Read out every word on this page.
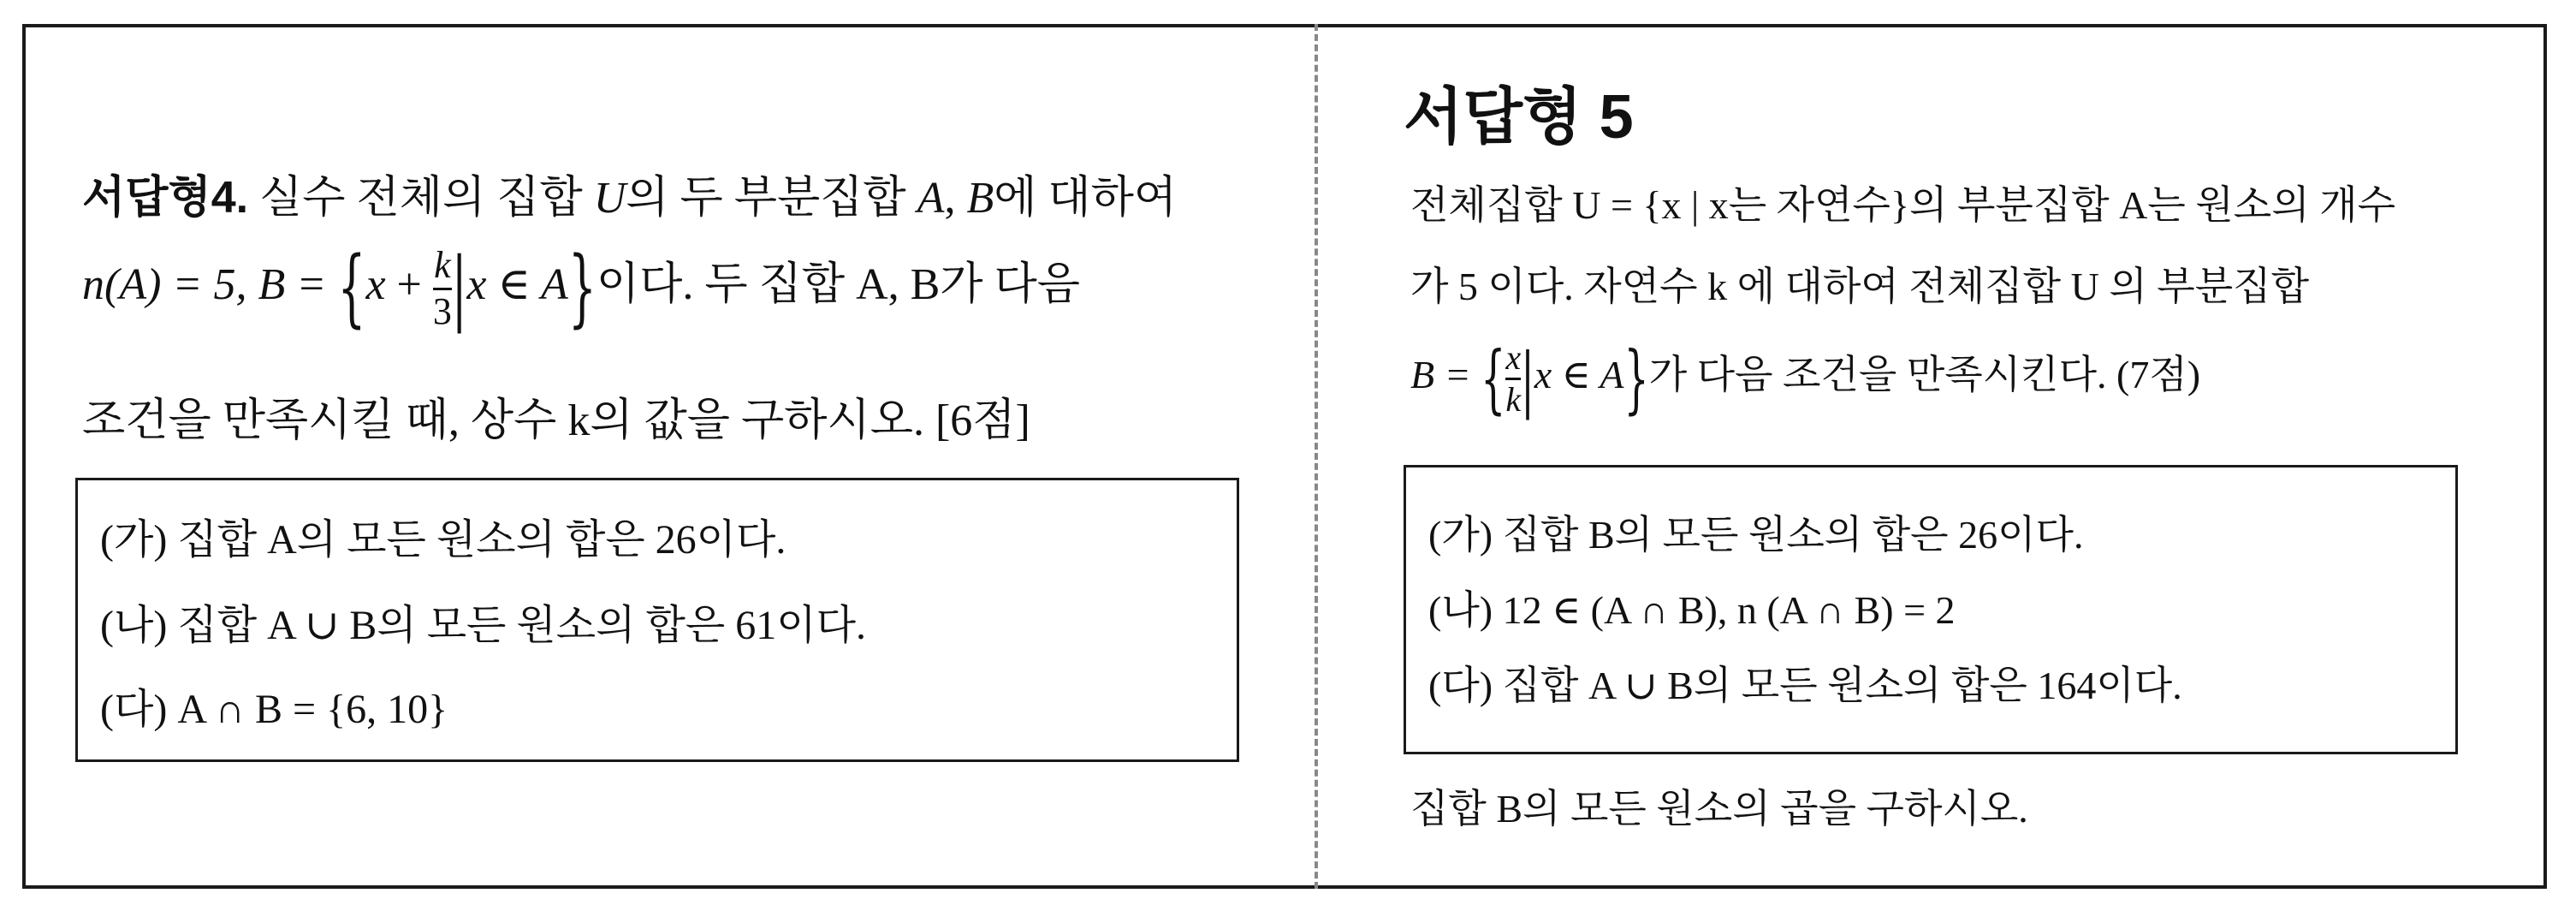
서답형4. 실수 전체의 집합 U의 두 부분집합 A, B에 대하여
n(A) = 5, $B = \{x + \frac{k}{3} |x$ ∈ A}이다. 두 집합 A, B가 다음
조건을 만족시킬 때, 상수 k의 값을 구하시오. [6점]
(가) 집합 A의 모든 원소의 합은 26이다.
(나) 집합 A ∪ B의 모든 원소의 합은 61이다.
(다) A ∩ B = {6, 10}
서답형 5
전체집합 U = {x | x는 자연수}의 부분집합 A는 원소의 개수
가 5 이다. 자연수 k 에 대하여 전체집합 U 의 부분집합
B = { $\frac{x}{k} |x$ ∈ A}가 다음 조건을 만족시킨다. (7점)
(가) 집합 B의 모든 원소의 합은 26이다.
(나) 12 ∈ (A ∩ B), n (A ∩ B) = 2
(다) 집합 A ∪ B의 모든 원소의 합은 164이다.
집합 B의 모든 원소의 곱을 구하시오.
